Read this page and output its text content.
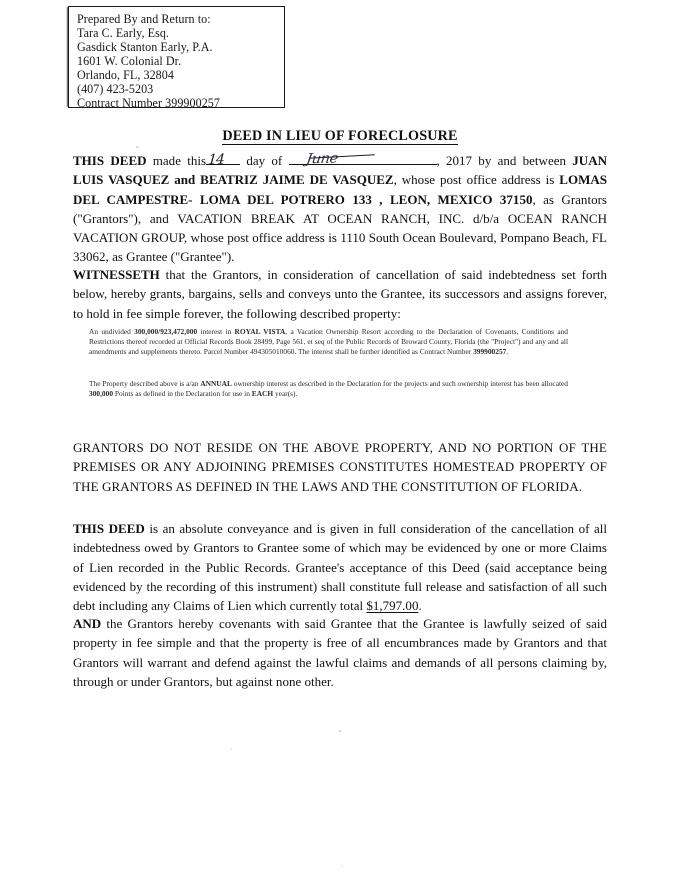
Prepared By and Return to:
Tara C. Early, Esq.
Gasdick Stanton Early, P.A.
1601 W. Colonial Dr.
Orlando, FL, 32804
(407) 423-5203
Contract Number 399900257
DEED IN LIEU OF FORECLOSURE

THIS DEED made this 14 day of June	, 2017 by and between JUAN LUIS VASQUEZ and BEATRIZ JAIME DE VASQUEZ, whose post office address is LOMAS DEL CAMPESTRE- LOMA DEL POTRERO 133 , LEON, MEXICO 37150, as Grantors ("Grantors"), and VACATION BREAK AT OCEAN RANCH, INC. d/b/a OCEAN RANCH VACATION GROUP, whose post office address is 1110 South Ocean Boulevard, Pompano Beach, FL 33062, as Grantee ("Grantee").

WITNESSETH that the Grantors, in consideration of cancellation of said indebtedness set forth below, hereby grants, bargains, sells and conveys unto the Grantee, its successors and assigns forever, to hold in fee simple forever, the following described property:

An undivided 300,000/923,472,000 interest in ROYAL VISTA, a Vacation Ownership Resort according to the Declaration of Covenants, Conditions and Restrictions thereof recorded at Official Records Book 28499, Page 561, et seq of the Public Records of Broward County, Florida (the "Project") and any and all amendments and supplements thereto. Parcel Number 494305010060. The interest shall be further identified as Contract Number 399900257.

The Property described above is a/an ANNUAL ownership interest as described in the Declaration for the projects and such ownership interest has been allocated 300,000 Points as defined in the Declaration for use in EACH year(s).

GRANTORS DO NOT RESIDE ON THE ABOVE PROPERTY, AND NO PORTION OF THE PREMISES OR ANY ADJOINING PREMISES CONSTITUTES HOMESTEAD PROPERTY OF THE GRANTORS AS DEFINED IN THE LAWS AND THE CONSTITUTION OF FLORIDA.

THIS DEED is an absolute conveyance and is given in full consideration of the cancellation of all indebtedness owed by Grantors to Grantee some of which may be evidenced by one or more Claims of Lien recorded in the Public Records. Grantee's acceptance of this Deed (said acceptance being evidenced by the recording of this instrument) shall constitute full release and satisfaction of all such debt including any Claims of Lien which currently total $1,797.00.

AND the Grantors hereby covenants with said Grantee that the Grantee is lawfully seized of said property in fee simple and that the property is free of all encumbrances made by Grantors and that Grantors will warrant and defend against the lawful claims and demands of all persons claiming by, through or under Grantors, but against none other.
